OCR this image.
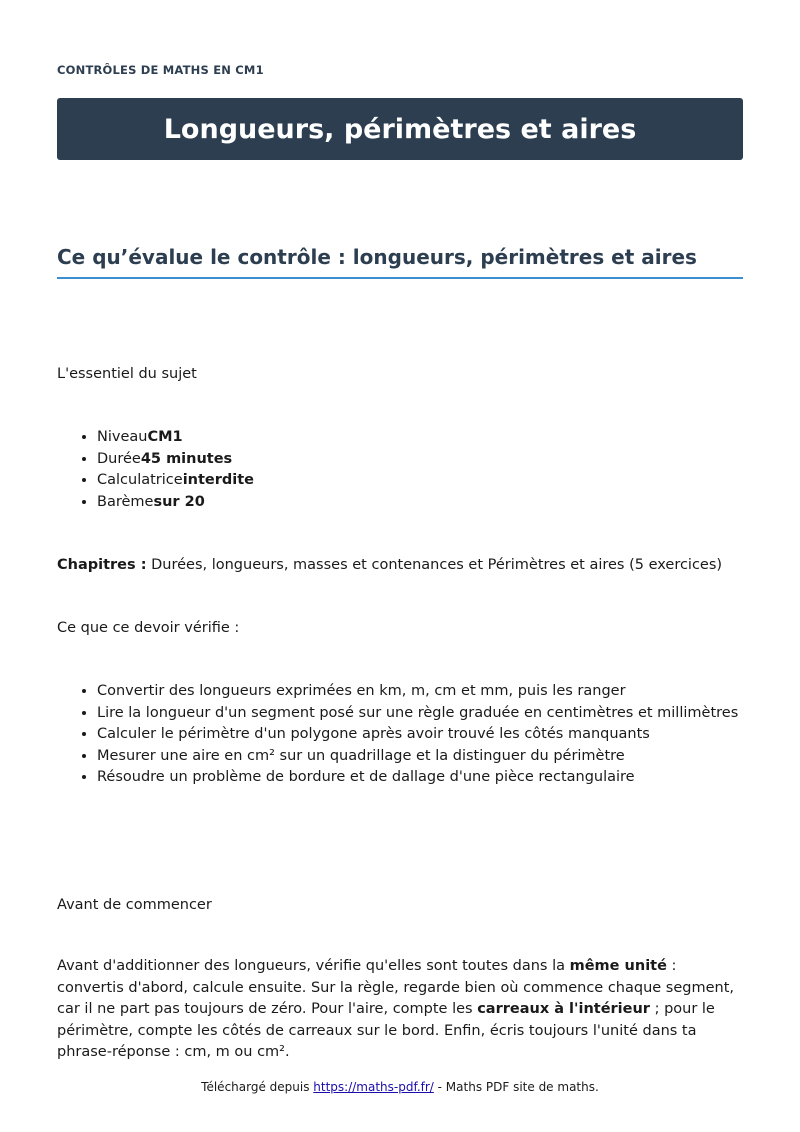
CONTRÔLES DE MATHS EN CM1
Longueurs, périmètres et aires
Ce qu’évalue le contrôle : longueurs, périmètres et aires

L'essentiel du sujet

• NiveauCM1
• Durée45 minutes
• Calculatriceinterdite
• Barèmesur 20

Chapitres : Durées, longueurs, masses et contenances et Périmètres et aires (5 exercices)

Ce que ce devoir vérifie :

• Convertir des longueurs exprimées en km, m, cm et mm, puis les ranger
• Lire la longueur d'un segment posé sur une règle graduée en centimètres et millimètres
• Calculer le périmètre d'un polygone après avoir trouvé les côtés manquants
• Mesurer une aire en cm² sur un quadrillage et la distinguer du périmètre
• Résoudre un problème de bordure et de dallage d'une pièce rectangulaire

Avant de commencer

Avant d'additionner des longueurs, vérifie qu'elles sont toutes dans la même unité : convertis d'abord, calcule ensuite. Sur la règle, regarde bien où commence chaque segment, car il ne part pas toujours de zéro. Pour l'aire, compte les carreaux à l'intérieur ; pour le périmètre, compte les côtés de carreaux sur le bord. Enfin, écris toujours l'unité dans ta phrase-réponse : cm, m ou cm².

Téléchargé depuis https://maths-pdf.fr/ - Maths PDF site de maths.
